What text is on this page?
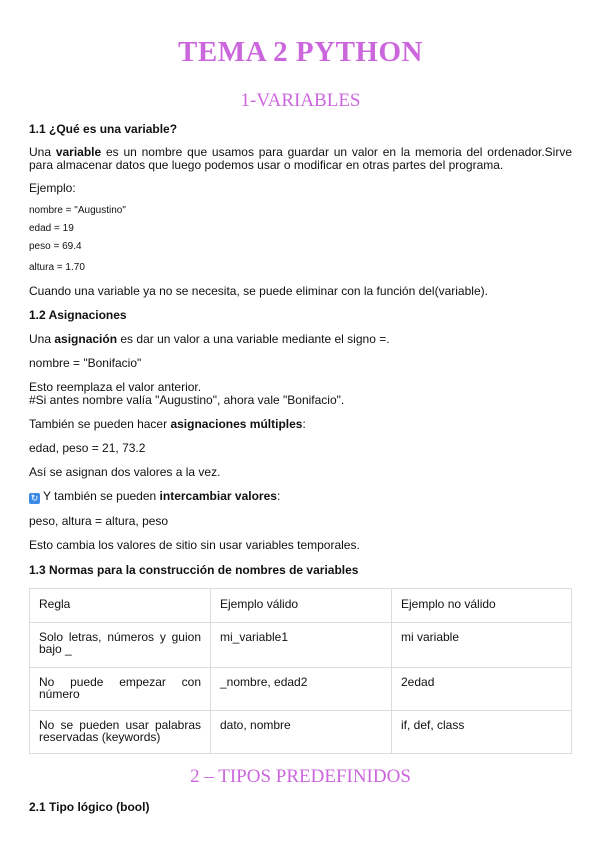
TEMA 2 PYTHON
1-VARIABLES
1.1 ¿Qué es una variable?
Una variable es un nombre que usamos para guardar un valor en la memoria del ordenador.Sirve para almacenar datos que luego podemos usar o modificar en otras partes del programa.
Ejemplo:
nombre = "Augustino"
edad = 19
peso = 69.4
altura = 1.70
Cuando una variable ya no se necesita, se puede eliminar con la función del(variable).
1.2 Asignaciones
Una asignación es dar un valor a una variable mediante el signo =.
nombre = "Bonifacio"
Esto reemplaza el valor anterior.
#Si antes nombre valía "Augustino", ahora vale "Bonifacio".
También se pueden hacer asignaciones múltiples:
edad, peso = 21, 73.2
Así se asignan dos valores a la vez.
↻ Y también se pueden intercambiar valores:
peso, altura = altura, peso
Esto cambia los valores de sitio sin usar variables temporales.
1.3 Normas para la construcción de nombres de variables
Regla	Ejemplo válido	Ejemplo no válido
Solo letras, números y guion bajo _	mi_variable1	mi variable
No puede empezar con número	_nombre, edad2	2edad
No se pueden usar palabras reservadas (keywords)	dato, nombre	if, def, class
2 – TIPOS PREDEFINIDOS
2.1 Tipo lógico (bool)
